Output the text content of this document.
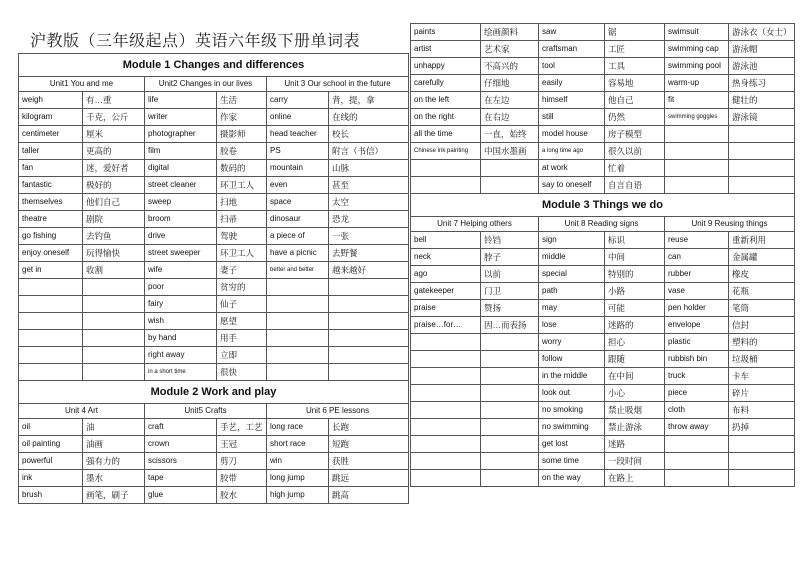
沪教版（三年级起点）英语六年级下册单词表
Module 1 Changes and differences					
Unit1 You and me		Unit2 Changes in our lives		Unit 3 Our school in the future	
weigh	有…重	life	生活	carry	背，提，拿
kilogram	千克，公斤	writer	作家	online	在线的
centimeter	厘米	photographer	摄影师	head teacher	校长
taller	更高的	film	胶卷	PS	附言（书信）
fan	迷，爱好者	digital	数码的	mountain	山脉
fantastic	极好的	street cleaner	环卫工人	even	甚至
themselves	他们自己	sweep	扫地	space	太空
theatre	剧院	broom	扫帚	dinosaur	恐龙
go fishing	去钓鱼	drive	驾驶	a piece of	一张
enjoy oneself	玩得愉快	street sweeper	环卫工人	have a picnic	去野餐
get in	收割	wife	妻子	better and better	越来越好
		poor	贫穷的		
		fairy	仙子		
		wish	愿望		
		by hand	用手		
		right away	立即		
		in a short time	很快		
Module 2 Work and play					
Unit 4 Art		Unit5 Crafts		Unit 6 PE lessons	
oil	油	craft	手艺，工艺	long race	长跑
oil painting	油画	crown	王冠	short race	短跑
powerful	强有力的	scissors	剪刀	win	获胜
ink	墨水	tape	胶带	long jump	跳远
brush	画笔，刷子	glue	胶水	high jump	跳高
paints	绘画颜料	saw	锯	swimsuit	游泳衣（女士）
artist	艺术家	craftsman	工匠	swimming cap	游泳帽
unhappy	不高兴的	tool	工具	swimming pool	游泳池
carefully	仔细地	easily	容易地	warm-up	热身练习
on the left	在左边	himself	他自己	fit	健壮的
on the right	在右边	still	仍然	swimming goggles	游泳镜
all the time	一直，始终	model house	房子模型		
Chinese ink painting	中国水墨画	a long time ago	很久以前		
		at work	忙着		
		say to oneself	自言自语		
Module 3 Things we do					
Unit 7 Helping others		Unit 8 Reading signs		Unit 9 Reusing things	
bell	铃铛	sign	标识	reuse	重新利用
neck	脖子	middle	中间	can	金属罐
ago	以前	special	特别的	rubber	橡皮
gatekeeper	门卫	path	小路	vase	花瓶
praise	赞扬	may	可能	pen holder	笔筒
praise…for…	因…而表扬	lose	迷路的	envelope	信封
		worry	担心	plastic	塑料的
		follow	跟随	rubbish bin	垃圾桶
		in the middle	在中间	truck	卡车
		look out	小心	piece	碎片
		no smoking	禁止吸烟	cloth	布料
		no swimming	禁止游泳	throw away	扔掉
		get lost	迷路		
		some time	一段时间		
		on the way	在路上		
